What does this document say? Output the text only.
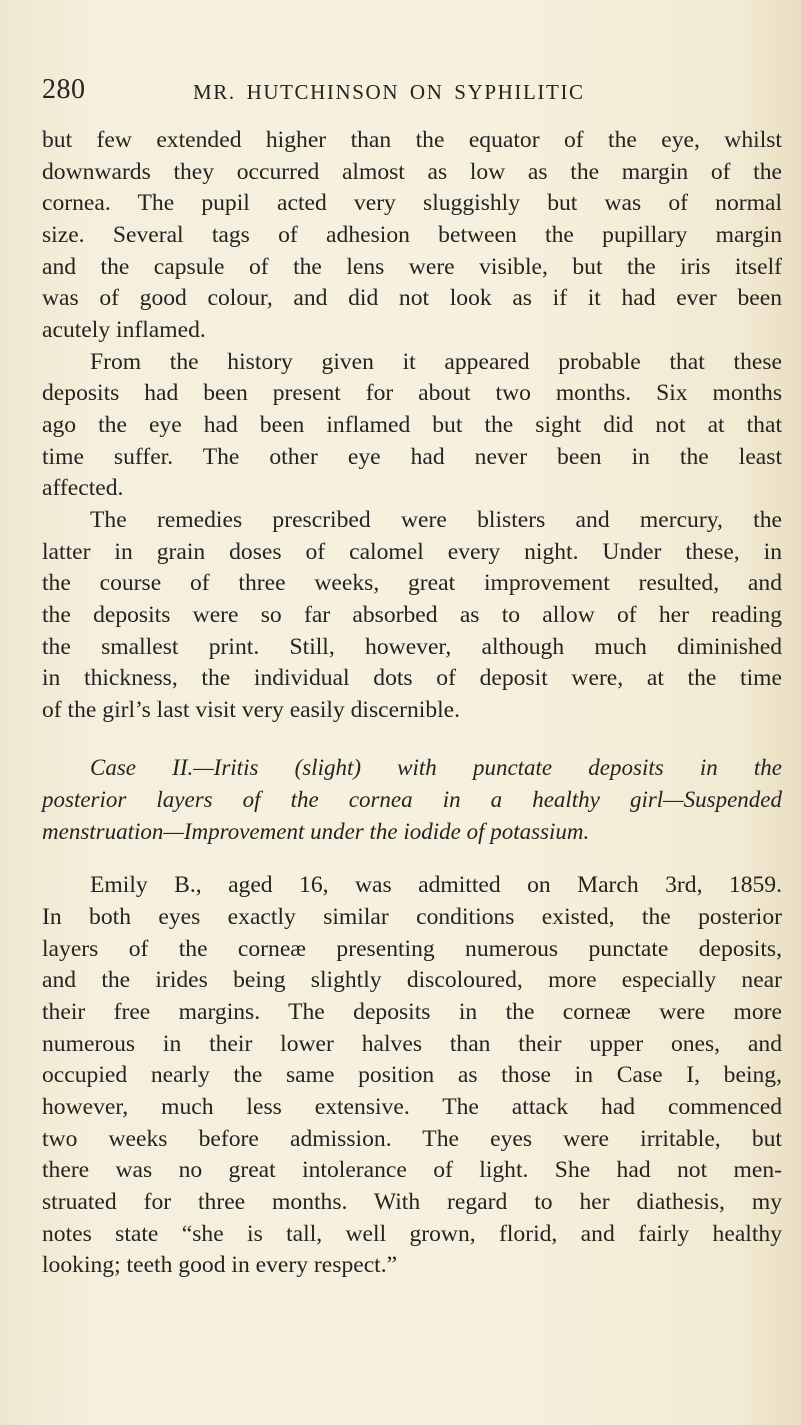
280	MR. HUTCHINSON ON SYPHILITIC
but few extended higher than the equator of the eye, whilst
downwards they occurred almost as low as the margin of the
cornea. The pupil acted very sluggishly but was of normal
size. Several tags of adhesion between the pupillary margin
and the capsule of the lens were visible, but the iris itself
was of good colour, and did not look as if it had ever been
acutely inflamed.
From the history given it appeared probable that these
deposits had been present for about two months. Six months
ago the eye had been inflamed but the sight did not at that
time suffer. The other eye had never been in the least
affected.
The remedies prescribed were blisters and mercury, the
latter in grain doses of calomel every night. Under these, in
the course of three weeks, great improvement resulted, and
the deposits were so far absorbed as to allow of her reading
the smallest print. Still, however, although much diminished
in thickness, the individual dots of deposit were, at the time
of the girl’s last visit very easily discernible.
Case II.—Iritis (slight) with punctate deposits in the
posterior layers of the cornea in a healthy girl—Suspended
menstruation—Improvement under the iodide of potassium.
Emily B., aged 16, was admitted on March 3rd, 1859.
In both eyes exactly similar conditions existed, the posterior
layers of the corneæ presenting numerous punctate deposits,
and the irides being slightly discoloured, more especially near
their free margins. The deposits in the corneæ were more
numerous in their lower halves than their upper ones, and
occupied nearly the same position as those in Case I, being,
however, much less extensive. The attack had commenced
two weeks before admission. The eyes were irritable, but
there was no great intolerance of light. She had not men-
struated for three months. With regard to her diathesis, my
notes state “she is tall, well grown, florid, and fairly healthy
looking; teeth good in every respect.”
